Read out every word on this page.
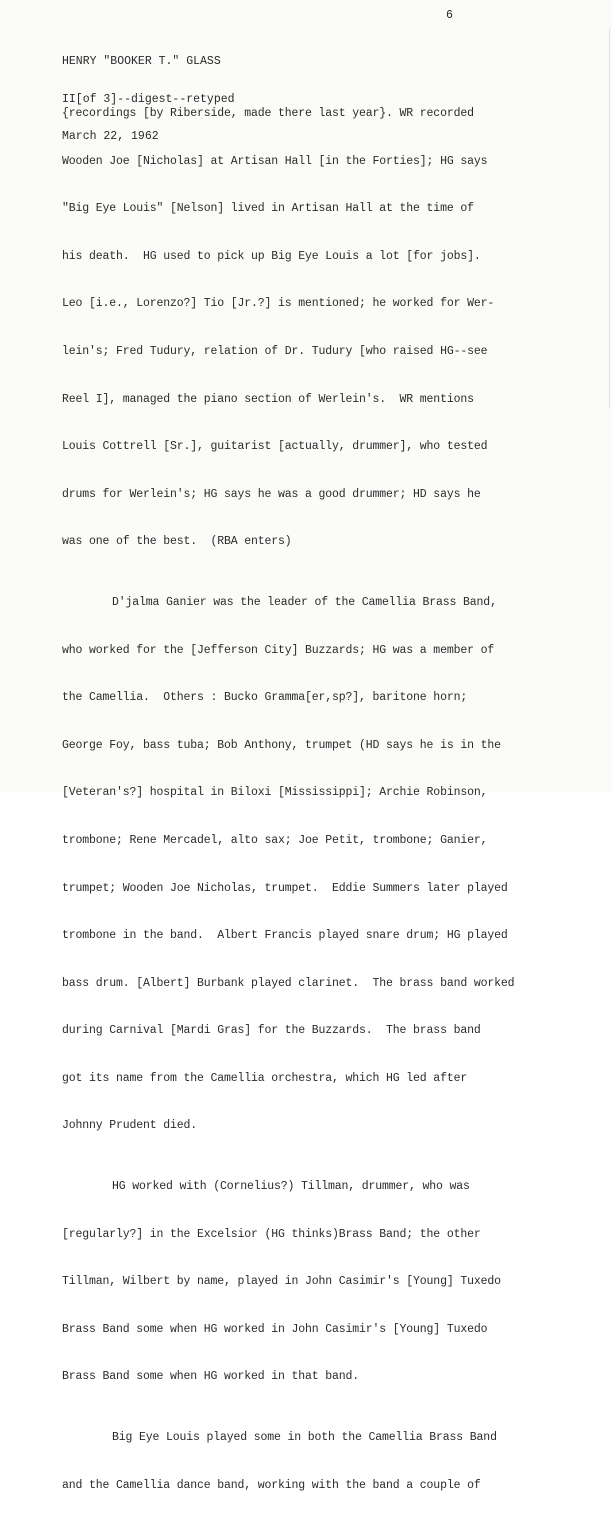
6

HENRY "BOOKER T." GLASS

II[of 3]--digest--retyped

March 22, 1962

{recordings [by Riberside, made there last year}. WR recorded

Wooden Joe [Nicholas] at Artisan Hall [in the Forties]; HG says

"Big Eye Louis" [Nelson] lived in Artisan Hall at the time of

his death.  HG used to pick up Big Eye Louis a lot [for jobs].

Leo [i.e., Lorenzo?] Tio [Jr.?] is mentioned; he worked for Wer-

lein's; Fred Tudury, relation of Dr. Tudury [who raised HG--see

Reel I], managed the piano section of Werlein's.  WR mentions

Louis Cottrell [Sr.], guitarist [actually, drummer], who tested

drums for Werlein's; HG says he was a good drummer; HD says he

was one of the best.  (RBA enters)

D'jalma Ganier was the leader of the Camellia Brass Band,

who worked for the [Jefferson City] Buzzards; HG was a member of

the Camellia.  Others : Bucko Gramma[er,sp?], baritone horn;

George Foy, bass tuba; Bob Anthony, trumpet (HD says he is in the

[Veteran's?] hospital in Biloxi [Mississippi]; Archie Robinson,

trombone; Rene Mercadel, alto sax; Joe Petit, trombone; Ganier,

trumpet; Wooden Joe Nicholas, trumpet.  Eddie Summers later played

trombone in the band.  Albert Francis played snare drum; HG played

bass drum. [Albert] Burbank played clarinet.  The brass band worked

during Carnival [Mardi Gras] for the Buzzards.  The brass band

got its name from the Camellia orchestra, which HG led after

Johnny Prudent died.

HG worked with (Cornelius?) Tillman, drummer, who was

[regularly?] in the Excelsior (HG thinks)Brass Band; the other

Tillman, Wilbert by name, played in John Casimir's [Young] Tuxedo

Brass Band some when HG worked in John Casimir's [Young] Tuxedo

Brass Band some when HG worked in that band.

Big Eye Louis played some in both the Camellia Brass Band

and the Camellia dance band, working with the band a couple of
